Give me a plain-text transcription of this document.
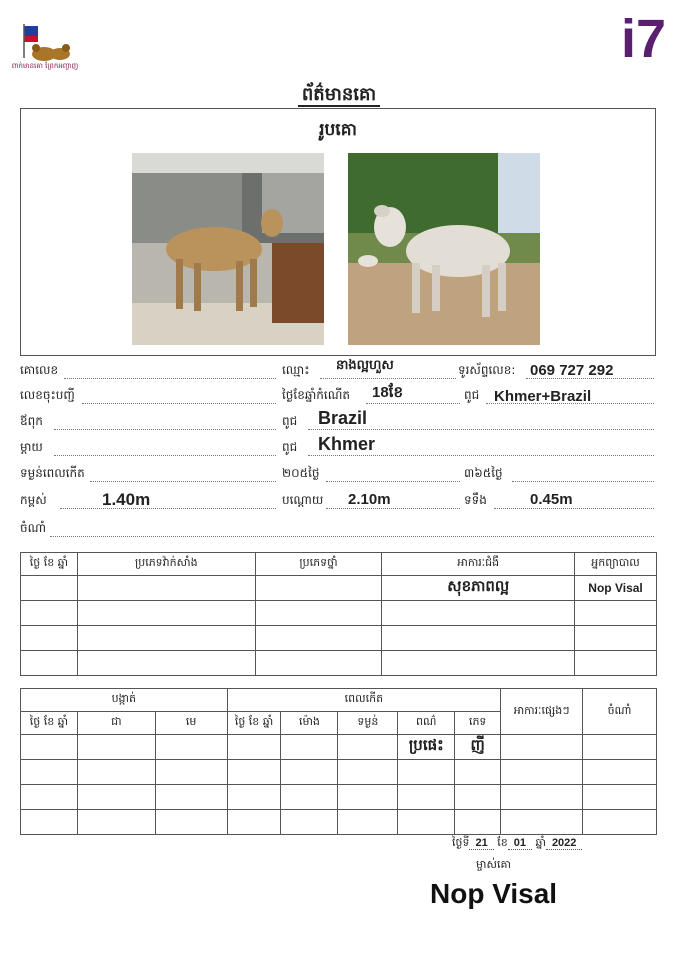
ពាក់មានគោ ព្រែកអញ្ចាញ	i7
ព័ត៌មានគោ
រូបគោ
គោលេខ	ឈ្មោះ នាងល្អហួស	ទូរស័ព្ទលេខ: 069 727 292
លេខចុះបញ្ជី	ថ្ងៃខែឆ្នាំកំណើត 18ខែ	ពូជ Khmer+Brazil
ឪពុក	ពូជ Brazil
ម្ដាយ	ពូជ Khmer
ទម្ងន់ពេលកើត	២០៥ថ្ងៃ	៣៦៥ថ្ងៃ
កម្ពស់	1.40m	បណ្ដោយ 2.10m	ទទឹង	0.45m
ចំណាំ
ថ្ងៃ ខែ ឆ្នាំ	ប្រភេទវ៉ាក់សាំង	ប្រភេទថ្នាំ	អាការៈជំងឺ	អ្នកព្យាបាល
			សុខភាពល្អ	Nop Visal

បង្កាត់			ពេលកើត					អាការៈផ្សេងៗ	ចំណាំ
ថ្ងៃ ខែ ឆ្នាំ	ជា	មេ	ថ្ងៃ ខែ ឆ្នាំ	ម៉ោង	ទម្ងន់	ពណ៌	ភេទ		
						ប្រផេះ	ញី		

ថ្ងៃទី 21 ខែ 01 ឆ្នាំ 2022
ម្ចាស់គោ
Nop Visal
